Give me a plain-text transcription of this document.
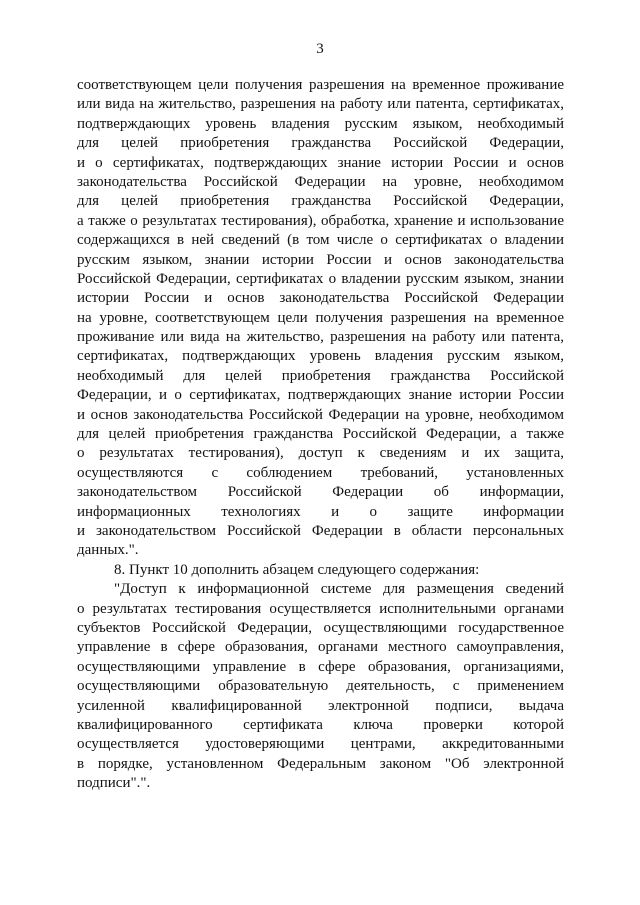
3
соответствующем цели получения разрешения на временное проживание
или вида на жительство, разрешения на работу или патента, сертификатах,
подтверждающих уровень владения русским языком, необходимый
для целей приобретения гражданства Российской Федерации,
и о сертификатах, подтверждающих знание истории России и основ
законодательства Российской Федерации на уровне, необходимом
для целей приобретения гражданства Российской Федерации,
а также о результатах тестирования), обработка, хранение и использование
содержащихся в ней сведений (в том числе о сертификатах о владении
русским языком, знании истории России и основ законодательства
Российской Федерации, сертификатах о владении русским языком, знании
истории России и основ законодательства Российской Федерации
на уровне, соответствующем цели получения разрешения на временное
проживание или вида на жительство, разрешения на работу или патента,
сертификатах, подтверждающих уровень владения русским языком,
необходимый для целей приобретения гражданства Российской
Федерации, и о сертификатах, подтверждающих знание истории России
и основ законодательства Российской Федерации на уровне, необходимом
для целей приобретения гражданства Российской Федерации, а также
о результатах тестирования), доступ к сведениям и их защита,
осуществляются с соблюдением требований, установленных
законодательством Российской Федерации об информации,
информационных технологиях и о защите информации
и законодательством Российской Федерации в области персональных
данных.".
8. Пункт 10 дополнить абзацем следующего содержания:
"Доступ к информационной системе для размещения сведений
о результатах тестирования осуществляется исполнительными органами
субъектов Российской Федерации, осуществляющими государственное
управление в сфере образования, органами местного самоуправления,
осуществляющими управление в сфере образования, организациями,
осуществляющими образовательную деятельность, с применением
усиленной квалифицированной электронной подписи, выдача
квалифицированного сертификата ключа проверки которой
осуществляется удостоверяющими центрами, аккредитованными
в порядке, установленном Федеральным законом "Об электронной
подписи".".
